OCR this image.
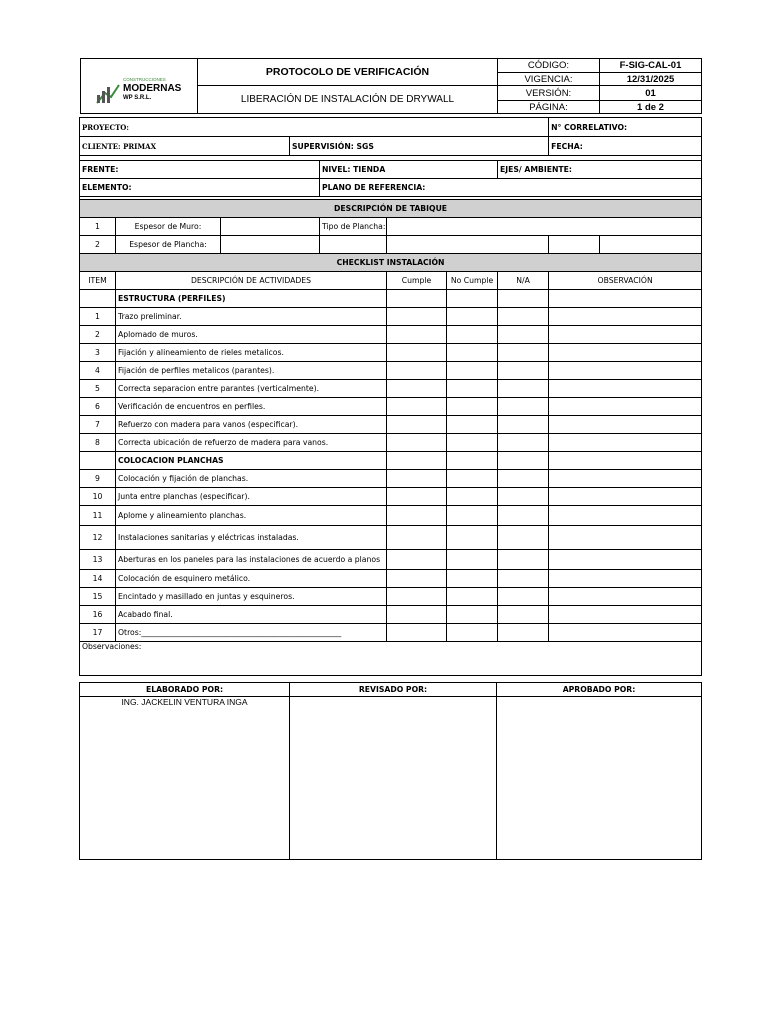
CONSTRUCCIONES
MODERNAS
WP S.R.L.	PROTOCOLO DE VERIFICACIÓN	CÓDIGO:	F-SIG-CAL-01
		VIGENCIA:	12/31/2025
	LIBERACIÓN DE INSTALACIÓN DE DRYWALL	VERSIÓN:	01
		PÁGINA:	1 de 2
PROYECTO:								N° CORRELATIVO:	
CLIENTE: PRIMAX			SUPERVISIÓN: SGS					FECHA:	

FRENTE:				NIVEL: TIENDA			EJES/ AMBIENTE:		
ELEMENTO:				PLANO DE REFERENCIA:					

DESCRIPCIÓN DE TABIQUE									
1	Espesor de Muro:			Tipo de Plancha:					
2	Espesor de Plancha:								
CHECKLIST INSTALACIÓN									
ITEM	DESCRIPCIÓN DE ACTIVIDADES				Cumple	No Cumple	N/A	OBSERVACIÓN	
	ESTRUCTURA (PERFILES)								
1	Trazo preliminar.								
2	Aplomado de muros.								
3	Fijación y alineamiento de rieles metalicos.								
4	Fijación de perfiles metalicos (parantes).								
5	Correcta separacion entre parantes (verticalmente).								
6	Verificación de encuentros en perfiles.								
7	Refuerzo con madera para vanos (especificar).								
8	Correcta ubicación de refuerzo de madera para vanos.								
	COLOCACION PLANCHAS								
9	Colocación y fijación de planchas.								
10	Junta entre planchas (especificar).								
11	Aplome y alineamiento planchas.								
12	Instalaciones sanitarias y eléctricas instaladas.								
13	Aberturas en los paneles para las instalaciones de acuerdo a planos								
14	Colocación de esquinero metálico.								
15	Encintado y masillado en juntas y esquineros.								
16	Acabado final.								
17	Otros:____________________________________________________								
Observaciones:									
ELABORADO POR:	REVISADO POR:	APROBADO POR:
ING. JACKELIN VENTURA INGA		
